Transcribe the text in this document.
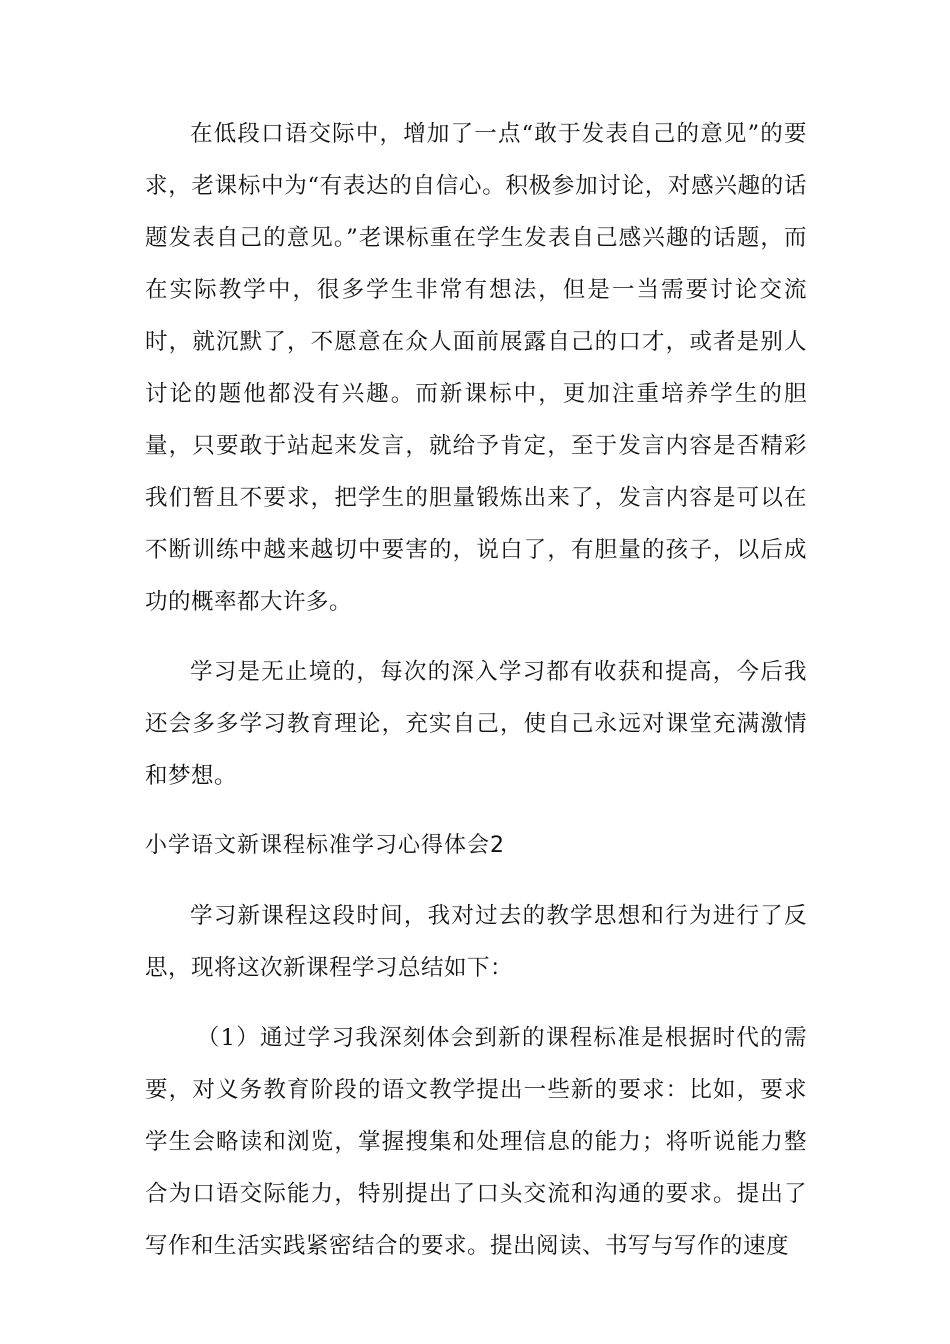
在低段口语交际中，增加了一点“敢于发表自己的意见”的要求，老课标中为“有表达的自信心。积极参加讨论，对感兴趣的话题发表自己的意见。”老课标重在学生发表自己感兴趣的话题，而在实际教学中，很多学生非常有想法，但是一当需要讨论交流时，就沉默了，不愿意在众人面前展露自己的口才，或者是别人讨论的题他都没有兴趣。而新课标中，更加注重培养学生的胆量，只要敢于站起来发言，就给予肯定，至于发言内容是否精彩我们暂且不要求，把学生的胆量锻炼出来了，发言内容是可以在不断训练中越来越切中要害的，说白了，有胆量的孩子，以后成功的概率都大许多。

学习是无止境的，每次的深入学习都有收获和提高，今后我还会多多学习教育理论，充实自己，使自己永远对课堂充满激情和梦想。

小学语文新课程标准学习心得体会2

学习新课程这段时间，我对过去的教学思想和行为进行了反思，现将这次新课程学习总结如下：

（1）通过学习我深刻体会到新的课程标准是根据时代的需要，对义务教育阶段的语文教学提出一些新的要求：比如，要求学生会略读和浏览，掌握搜集和处理信息的能力；将听说能力整合为口语交际能力，特别提出了口头交流和沟通的要求。提出了写作和生活实践紧密结合的要求。提出阅读、书写与写作的速度
